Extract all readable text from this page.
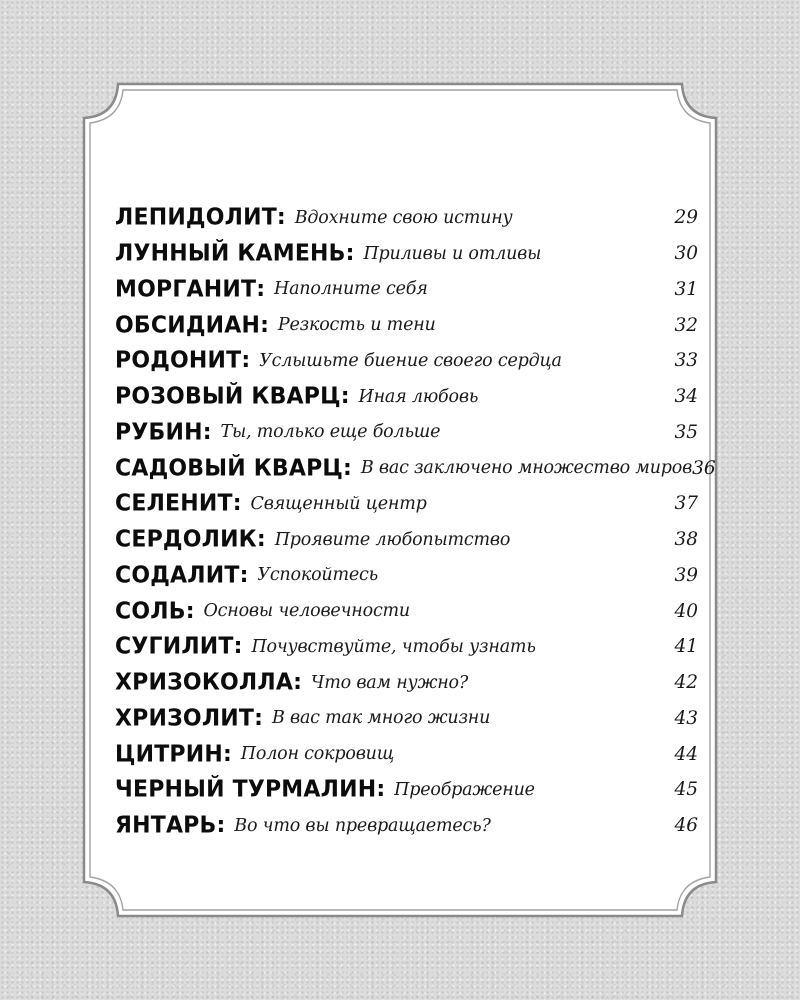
ЛЕПИДОЛИТ : Вдохните свою истину	29
ЛУННЫЙ КАМЕНЬ : Приливы и отливы	30
МОРГАНИТ : Наполните себя	31
ОБСИДИАН : Резкость и тени	32
РОДОНИТ : Услышьте биение своего сердца	33
РОЗОВЫЙ КВАРЦ : Иная любовь	34
РУБИН : Ты, только еще больше	35
САДОВЫЙ КВАРЦ : В вас заключено множество миров 36
СЕЛЕНИТ : Священный центр	37
СЕРДОЛИК : Проявите любопытство	38
СОДАЛИТ : Успокойтесь	39
СОЛЬ : Основы человечности	40
СУГИЛИТ : Почувствуйте, чтобы узнать	41
ХРИЗОКОЛЛА : Что вам нужно?	42
ХРИЗОЛИТ : В вас так много жизни	43
ЦИТРИН : Полон сокровищ	44
ЧЕРНЫЙ ТУРМАЛИН : Преображение	45
ЯНТАРЬ : Во что вы превращаетесь?	46
